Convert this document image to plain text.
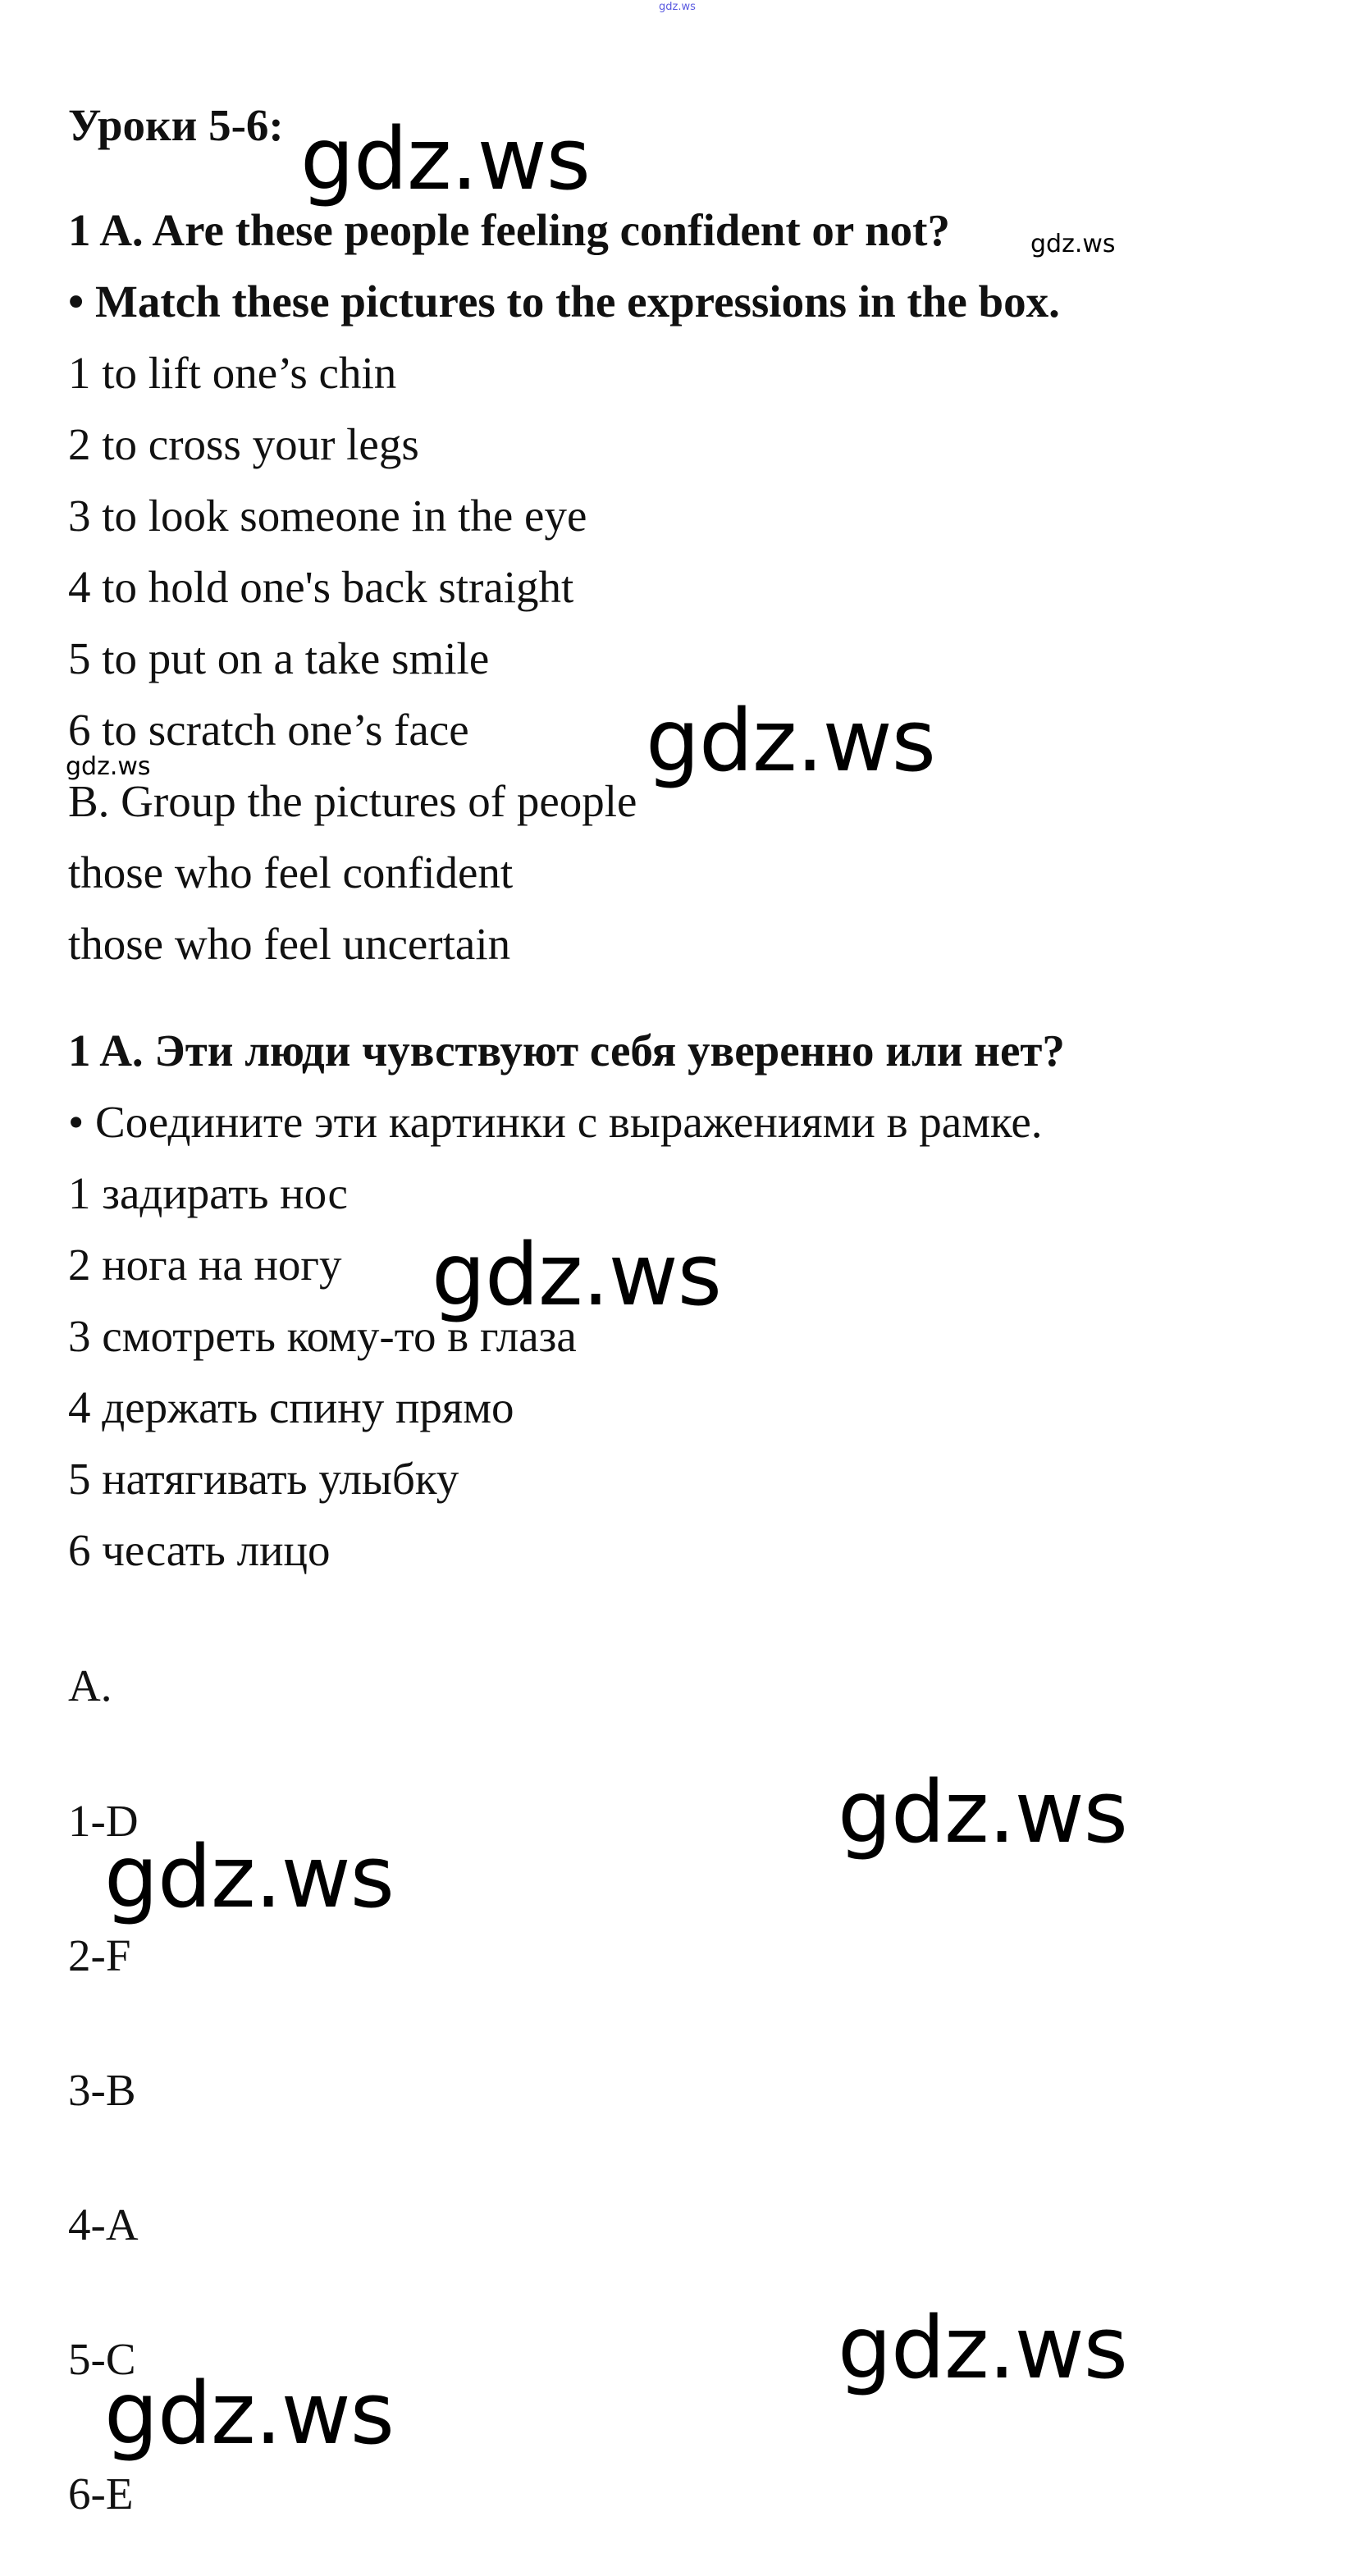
gdz.ws
Уроки 5-6:
1 A. Are these people feeling confident or not?
• Match these pictures to the expressions in the box.
1 to lift one’s chin
2 to cross your legs
3 to look someone in the eye
4 to hold one's back straight
5 to put on a take smile
6 to scratch one’s face
B. Group the pictures of people
those who feel confident
those who feel uncertain
1 A. Эти люди чувствуют себя уверенно или нет?
• Соедините эти картинки с выражениями в рамке.
1 задирать нос
2 нога на ногу
3 смотреть кому-то в глаза
4 держать спину прямо
5 натягивать улыбку
6 чесать лицо
A.
1-D
2-F
3-B
4-A
5-C
6-E
gdz.ws
gdz.ws
gdz.ws
gdz.ws
gdz.ws
gdz.ws
gdz.ws
gdz.ws
gdz.ws
